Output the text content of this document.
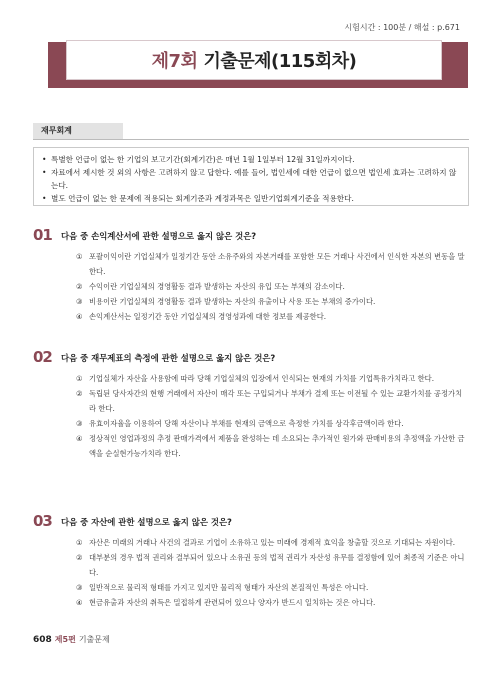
시험시간 : 100분 / 해설 : p.671
제7회 기출문제(115회차)
재무회계
• 특별한 언급이 없는 한 기업의 보고기간(회계기간)은 매년 1월 1일부터 12월 31일까지이다.
• 자료에서 제시한 것 외의 사항은 고려하지 않고 답한다. 예를 들어, 법인세에 대한 언급이 없으면 법인세 효과는 고려하지 않는다.
• 별도 언급이 없는 한 문제에 적용되는 회계기준과 계정과목은 일반기업회계기준을 적용한다.
01 다음 중 손익계산서에 관한 설명으로 옳지 않은 것은?
① 포괄이익이란 기업실체가 일정기간 동안 소유주와의 자본거래를 포함한 모든 거래나 사건에서 인식한 자본의 변동을 말한다.
② 수익이란 기업실체의 경영활동 결과 발생하는 자산의 유입 또는 부채의 감소이다.
③ 비용이란 기업실체의 경영활동 결과 발생하는 자산의 유출이나 사용 또는 부채의 증가이다.
④ 손익계산서는 일정기간 동안 기업실체의 경영성과에 대한 정보를 제공한다.
02 다음 중 재무제표의 측정에 관한 설명으로 옳지 않은 것은?
① 기업실체가 자산을 사용함에 따라 당해 기업실체의 입장에서 인식되는 현재의 가치를 기업특유가치라고 한다.
② 독립된 당사자간의 현행 거래에서 자산이 매각 또는 구입되거나 부채가 결제 또는 이전될 수 있는 교환가치를 공정가치라 한다.
③ 유효이자율을 이용하여 당해 자산이나 부채를 현재의 금액으로 측정한 가치를 상각후금액이라 한다.
④ 정상적인 영업과정의 추정 판매가격에서 제품을 완성하는 데 소요되는 추가적인 원가와 판매비용의 추정액을 가산한 금액을 순실현가능가치라 한다.
03 다음 중 자산에 관한 설명으로 옳지 않은 것은?
① 자산은 미래의 거래나 사건의 결과로 기업이 소유하고 있는 미래에 경제적 효익을 창출할 것으로 기대되는 자원이다.
② 대부분의 경우 법적 권리와 결부되어 있으나 소유권 등의 법적 권리가 자산성 유무를 결정함에 있어 최종적 기준은 아니다.
③ 일반적으로 물리적 형태를 가지고 있지만 물리적 형태가 자산의 본질적인 특성은 아니다.
④ 현금유출과 자산의 취득은 밀접하게 관련되어 있으나 양자가 반드시 일치하는 것은 아니다.
608 제5편 기출문제
